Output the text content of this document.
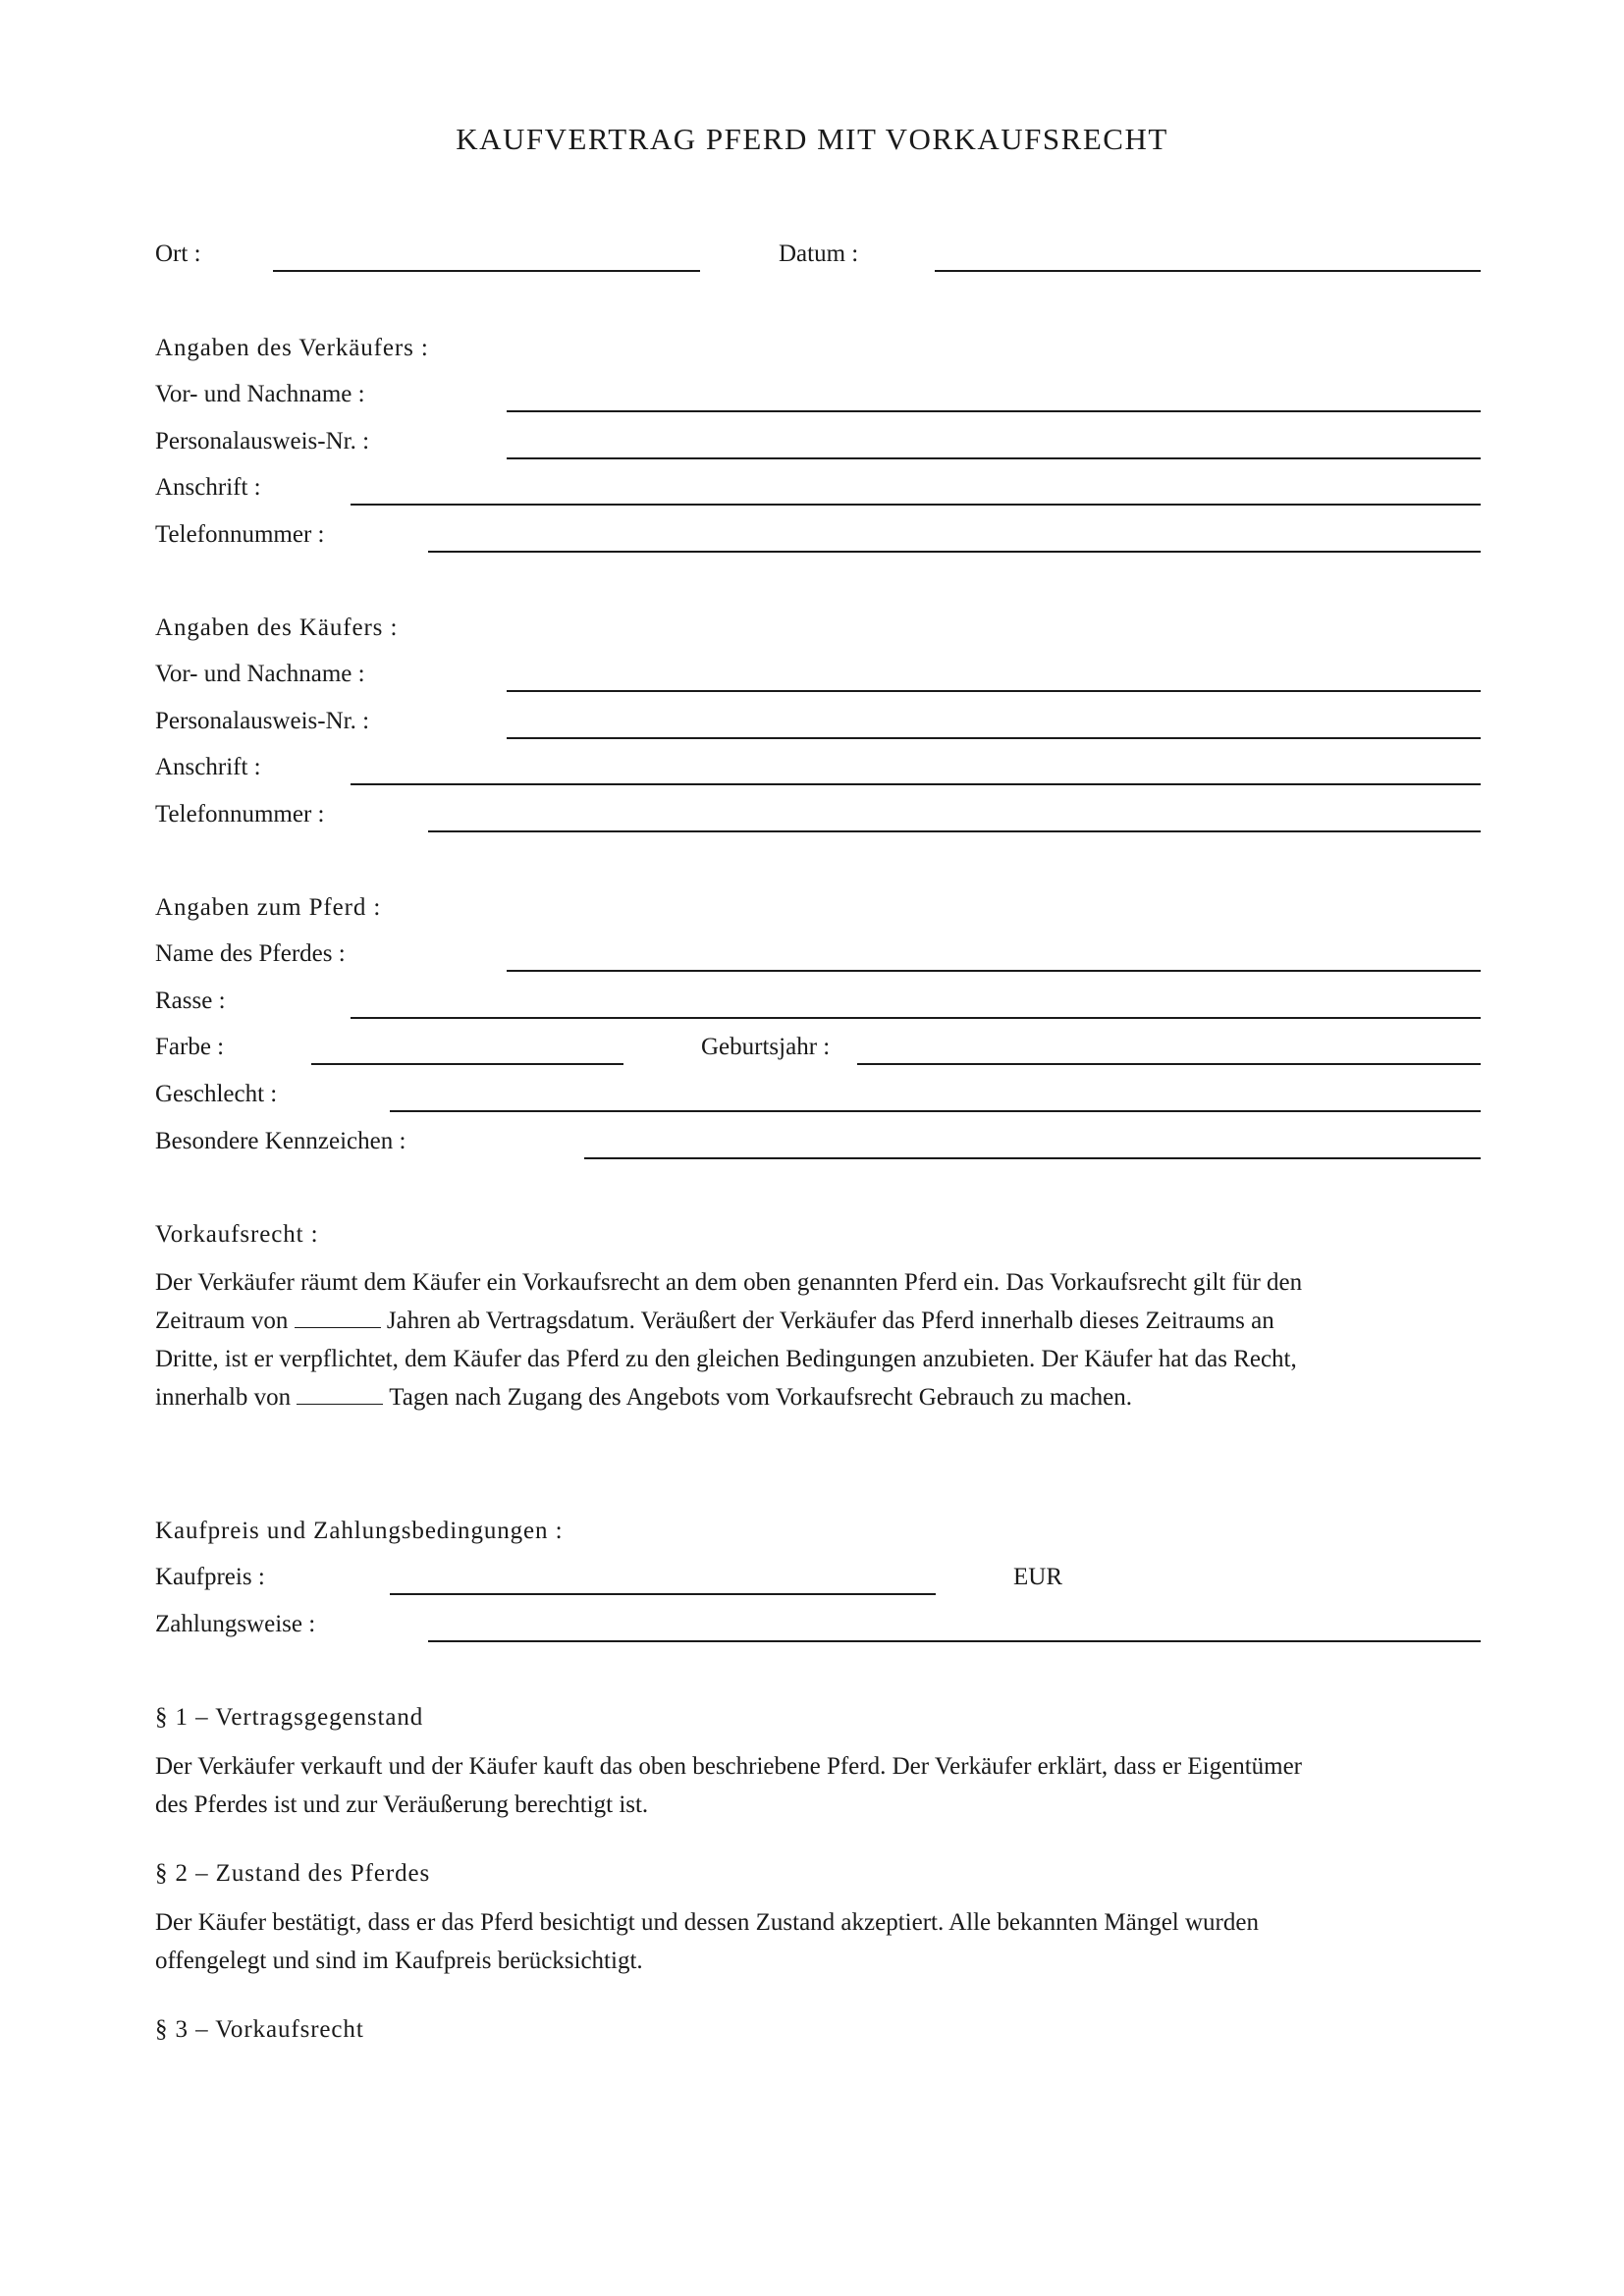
KAUFVERTRAG PFERD MIT VORKAUFSRECHT
Ort :	Datum :
Angaben des Verkäufers :
Vor- und Nachname :
Personalausweis-Nr. :
Anschrift :
Telefonnummer :
Angaben des Käufers :
Vor- und Nachname :
Personalausweis-Nr. :
Anschrift :
Telefonnummer :
Angaben zum Pferd :
Name des Pferdes :
Rasse :
Farbe :	Geburtsjahr :
Geschlecht :
Besondere Kennzeichen :
Vorkaufsrecht :
Der Verkäufer räumt dem Käufer ein Vorkaufsrecht an dem oben genannten Pferd ein. Das Vorkaufsrecht gilt für den
Zeitraum von	Jahren ab Vertragsdatum. Veräußert der Verkäufer das Pferd innerhalb dieses Zeitraums an
Dritte, ist er verpflichtet, dem Käufer das Pferd zu den gleichen Bedingungen anzubieten. Der Käufer hat das Recht,
innerhalb von	Tagen nach Zugang des Angebots vom Vorkaufsrecht Gebrauch zu machen.
Kaufpreis und Zahlungsbedingungen :
Kaufpreis :	EUR
Zahlungsweise :
§ 1 – Vertragsgegenstand
Der Verkäufer verkauft und der Käufer kauft das oben beschriebene Pferd. Der Verkäufer erklärt, dass er Eigentümer
des Pferdes ist und zur Veräußerung berechtigt ist.
§ 2 – Zustand des Pferdes
Der Käufer bestätigt, dass er das Pferd besichtigt und dessen Zustand akzeptiert. Alle bekannten Mängel wurden
offengelegt und sind im Kaufpreis berücksichtigt.
§ 3 – Vorkaufsrecht
